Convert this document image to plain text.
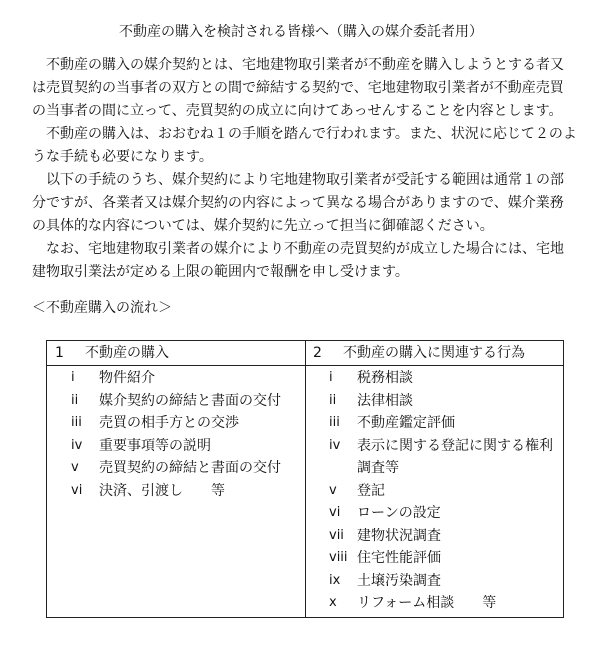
不動産の購入を検討される皆様へ（購入の媒介委託者用）

不動産の購入の媒介契約とは、宅地建物取引業者が不動産を購入しようとする者又は売買契約の当事者の双方との間で締結する契約で、宅地建物取引業者が不動産売買の当事者の間に立って、売買契約の成立に向けてあっせんすることを内容とします。

不動産の購入は、おおむね１の手順を踏んで行われます。また、状況に応じて２のような手続も必要になります。

以下の手続のうち、媒介契約により宅地建物取引業者が受託する範囲は通常１の部分ですが、各業者又は媒介契約の内容によって異なる場合がありますので、媒介業務の具体的な内容については、媒介契約に先立って担当に御確認ください。

なお、宅地建物取引業者の媒介により不動産の売買契約が成立した場合には、宅地建物取引業法が定める上限の範囲内で報酬を申し受けます。

＜不動産購入の流れ＞
1 不動産の購入	2 不動産の購入に関連する行為
i 物件紹介
ii 媒介契約の締結と書面の交付
iii 売買の相手方との交渉
iv 重要事項等の説明
v 売買契約の締結と書面の交付
vi 決済、引渡し　　等
i 税務相談
ii 法律相談
iii 不動産鑑定評価
iv 表示に関する登記に関する権利調査等
v 登記
vi ローンの設定
vii 建物状況調査
viii 住宅性能評価
ix 土壌汚染調査
x リフォーム相談　　等
